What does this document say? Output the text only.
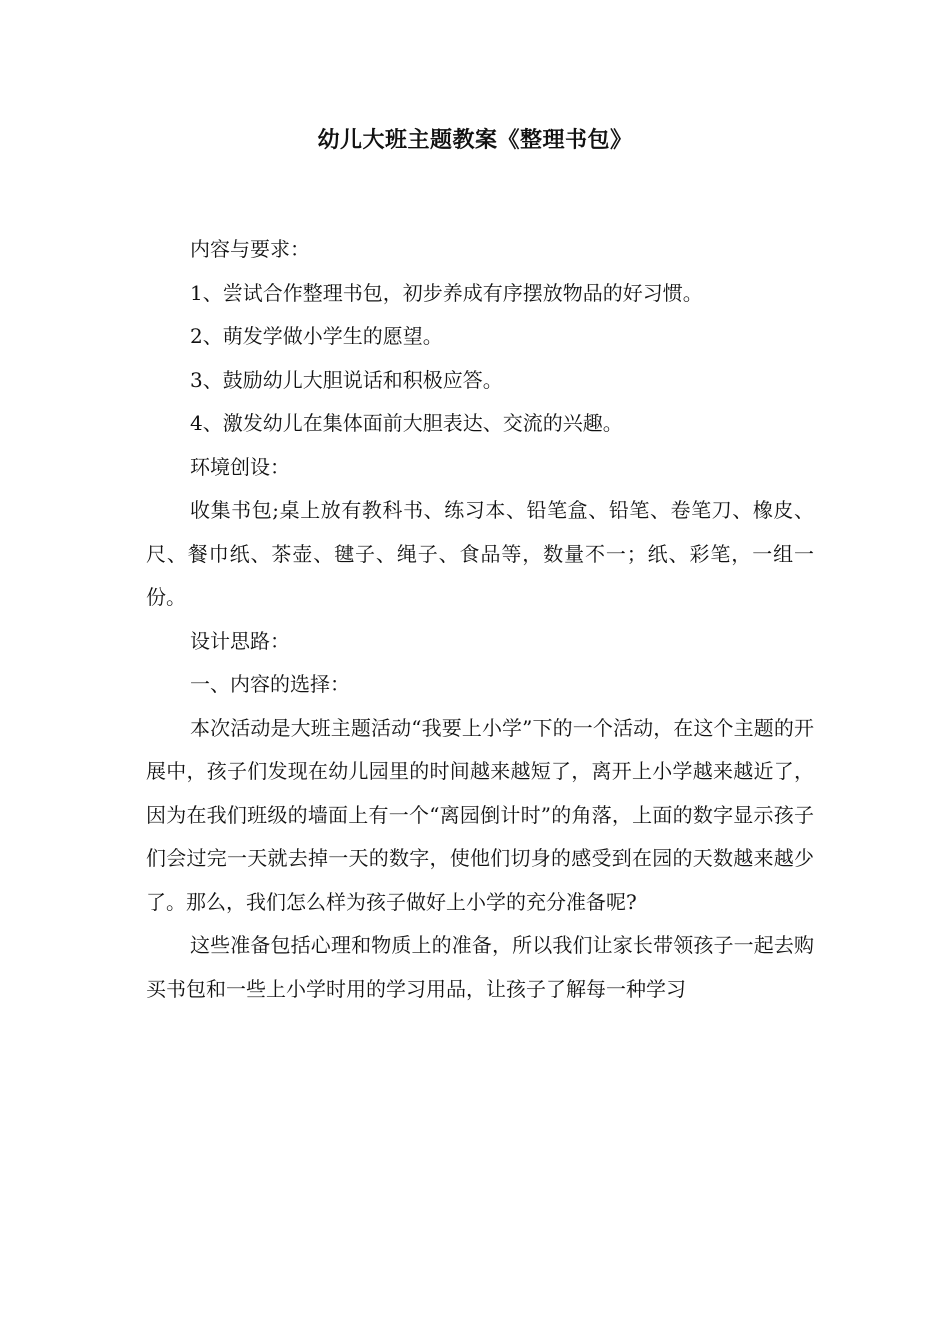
幼儿大班主题教案《整理书包》

内容与要求：

1、尝试合作整理书包，初步养成有序摆放物品的好习惯。

2、萌发学做小学生的愿望。

3、鼓励幼儿大胆说话和积极应答。

4、激发幼儿在集体面前大胆表达、交流的兴趣。

环境创设：

收集书包;桌上放有教科书、练习本、铅笔盒、铅笔、卷笔刀、橡皮、尺、餐巾纸、茶壶、毽子、绳子、食品等，数量不一；纸、彩笔，一组一份。

设计思路：

一、内容的选择：

本次活动是大班主题活动“我要上小学”下的一个活动，在这个主题的开展中，孩子们发现在幼儿园里的时间越来越短了，离开上小学越来越近了，因为在我们班级的墙面上有一个“离园倒计时”的角落，上面的数字显示孩子们会过完一天就去掉一天的数字，使他们切身的感受到在园的天数越来越少了。那么，我们怎么样为孩子做好上小学的充分准备呢?

这些准备包括心理和物质上的准备，所以我们让家长带领孩子一起去购买书包和一些上小学时用的学习用品，让孩子了解每一种学习
